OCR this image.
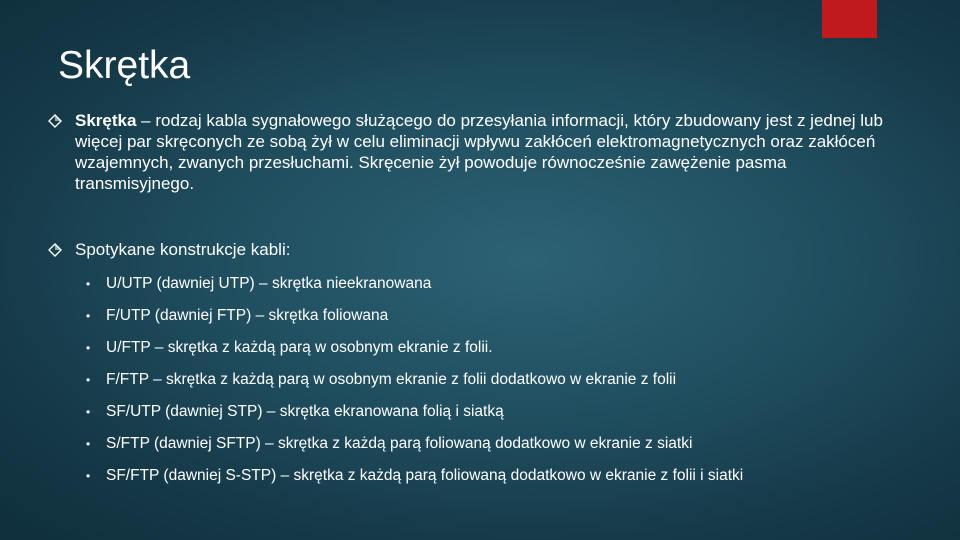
Skrętka
Skrętka – rodzaj kabla sygnałowego służącego do przesyłania informacji, który zbudowany jest z jednej lub więcej par skręconych ze sobą żył w celu eliminacji wpływu zakłóceń elektromagnetycznych oraz zakłóceń wzajemnych, zwanych przesłuchami. Skręcenie żył powoduje równocześnie zawężenie pasma transmisyjnego.
Spotykane konstrukcje kabli:
• U/UTP (dawniej UTP) – skrętka nieekranowana
• F/UTP (dawniej FTP) – skrętka foliowana
• U/FTP – skrętka z każdą parą w osobnym ekranie z folii.
• F/FTP – skrętka z każdą parą w osobnym ekranie z folii dodatkowo w ekranie z folii
• SF/UTP (dawniej STP) – skrętka ekranowana folią i siatką
• S/FTP (dawniej SFTP) – skrętka z każdą parą foliowaną dodatkowo w ekranie z siatki
• SF/FTP (dawniej S-STP) – skrętka z każdą parą foliowaną dodatkowo w ekranie z folii i siatki
